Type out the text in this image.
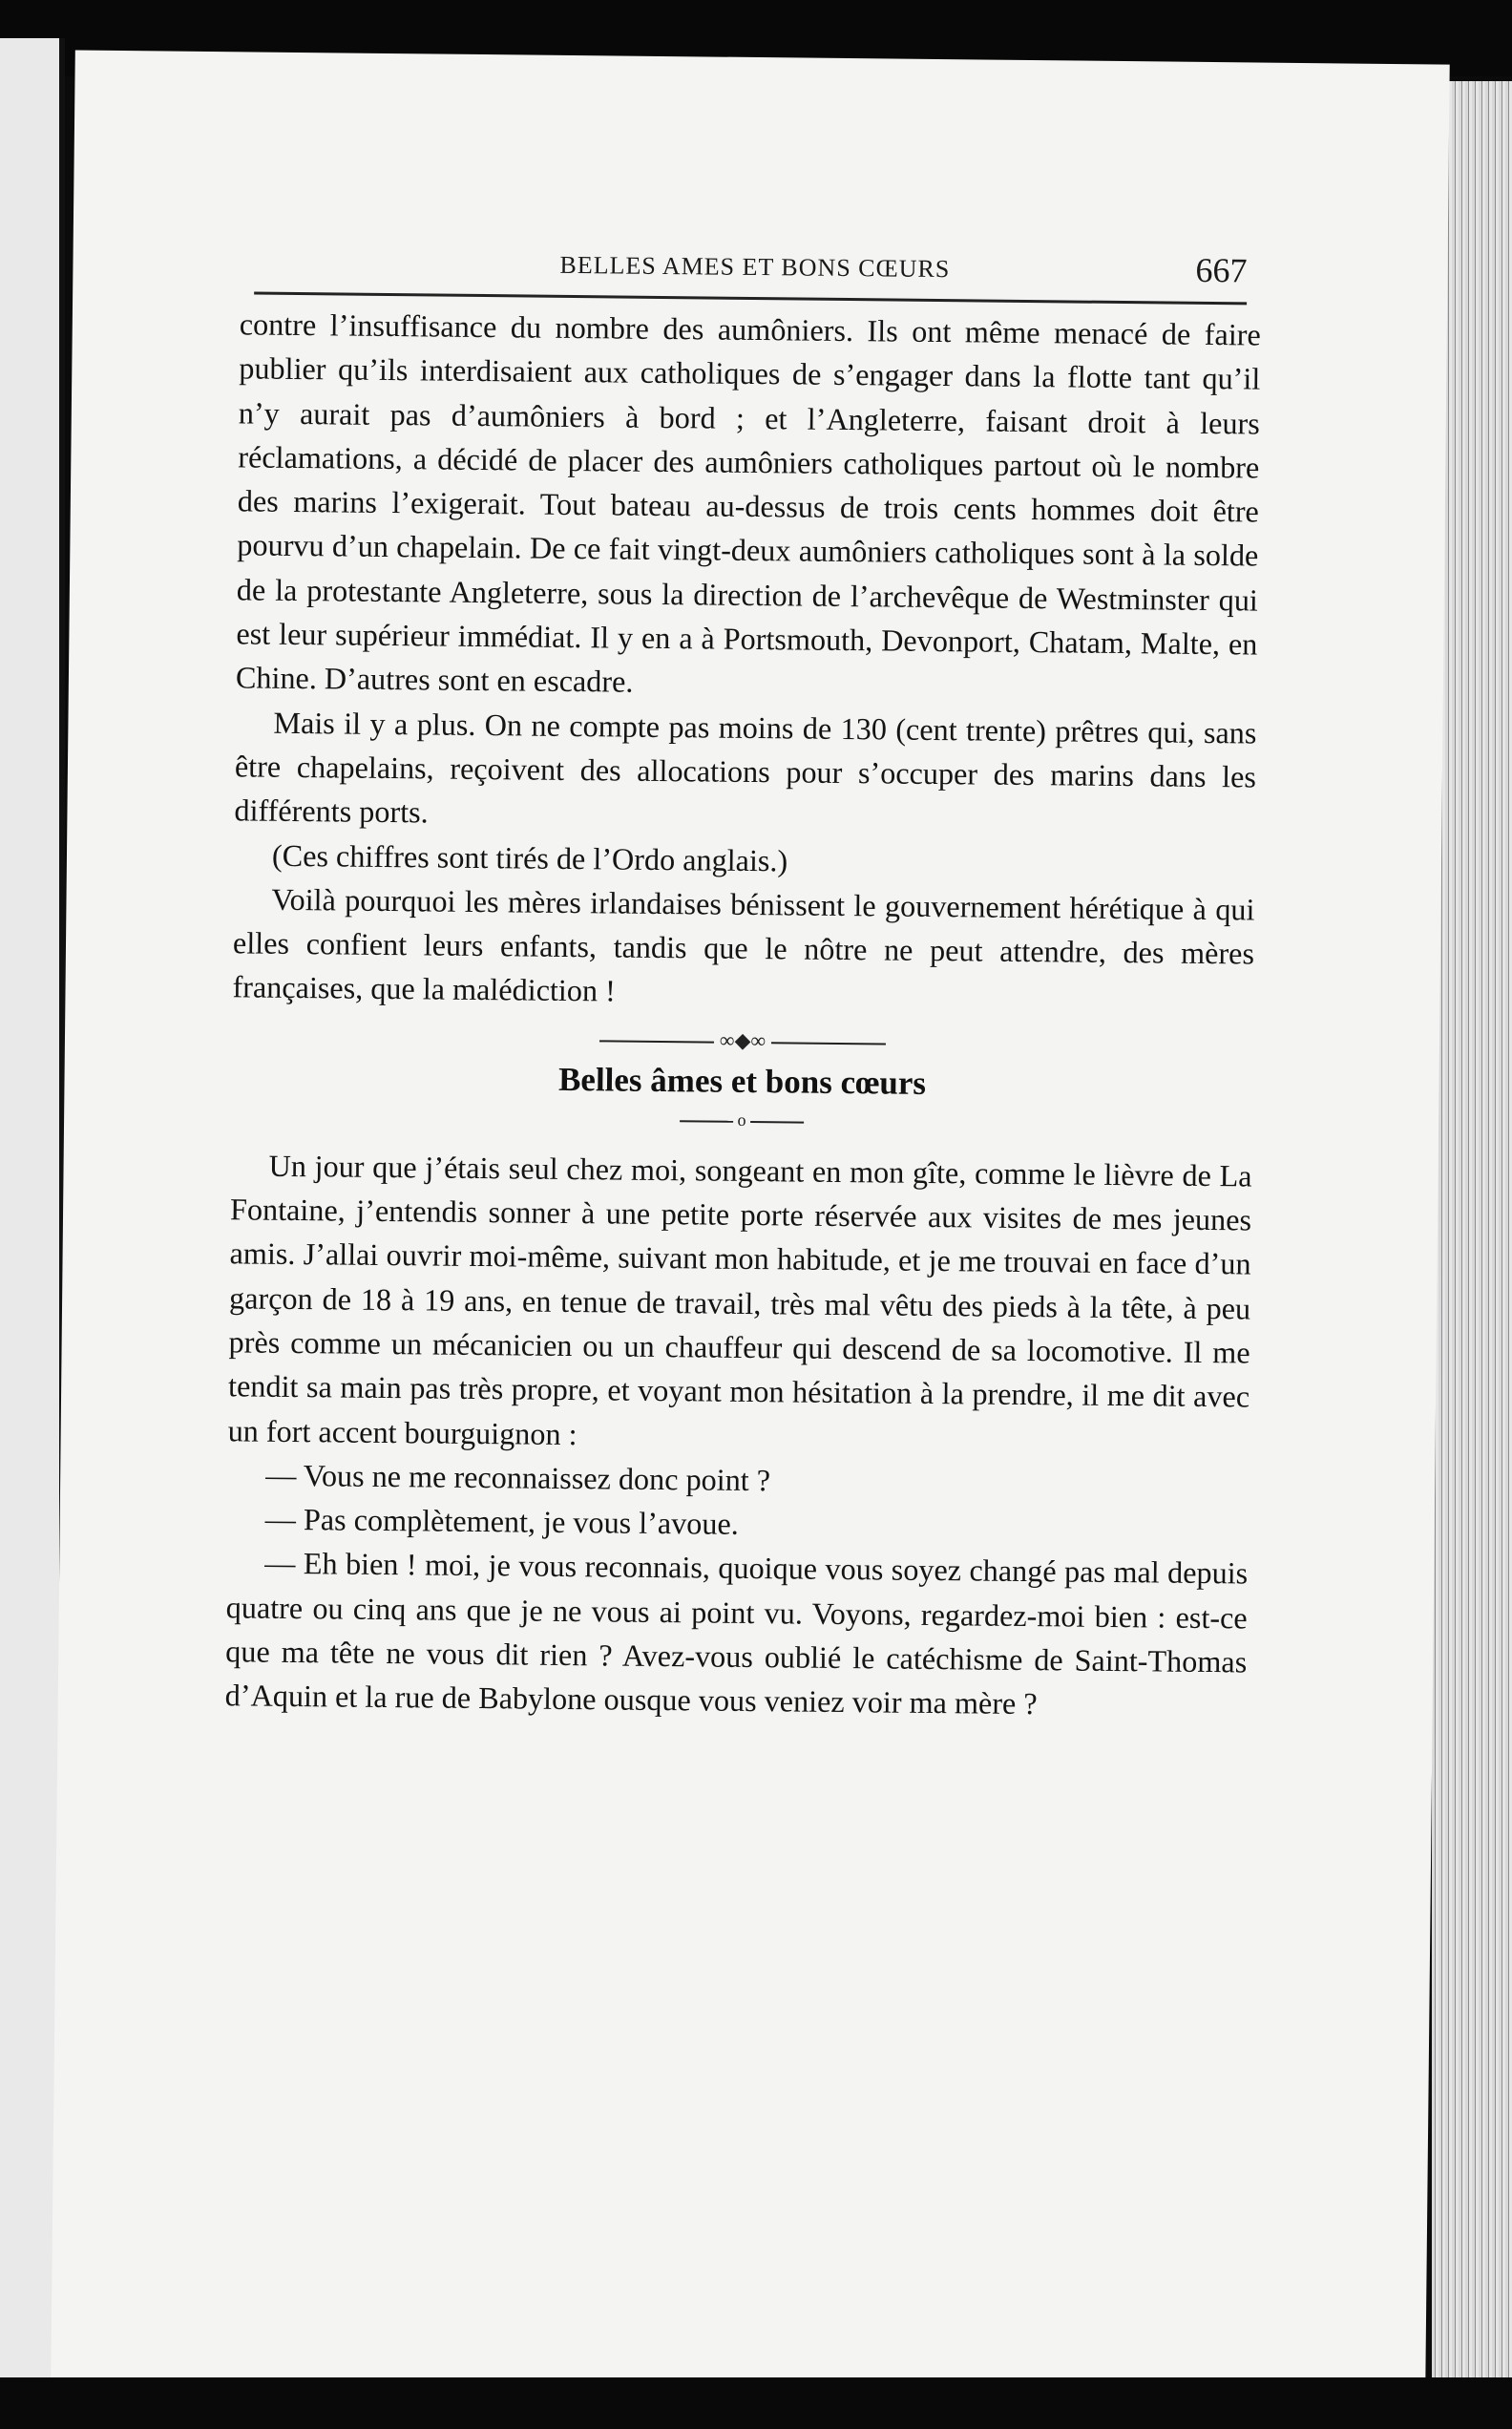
BELLES AMES ET BONS CŒURS	667

contre l’insuffisance du nombre des aumôniers. Ils ont même menacé de faire publier qu’ils interdisaient aux catholiques de s’engager dans la flotte tant qu’il n’y aurait pas d’aumôniers à bord ; et l’Angleterre, faisant droit à leurs réclamations, a décidé de placer des aumôniers catholiques partout où le nombre des marins l’exigerait. Tout bateau au-dessus de trois cents hommes doit être pourvu d’un chapelain. De ce fait vingt-deux aumôniers catholiques sont à la solde de la protestante Angleterre, sous la direction de l’archevêque de Westminster qui est leur supérieur immédiat. Il y en a à Portsmouth, Devonport, Chatam, Malte, en Chine. D’autres sont en escadre.

Mais il y a plus. On ne compte pas moins de 130 (cent trente) prêtres qui, sans être chapelains, reçoivent des allocations pour s’occuper des marins dans les différents ports.

(Ces chiffres sont tirés de l’Ordo anglais.)

Voilà pourquoi les mères irlandaises bénissent le gouvernement hérétique à qui elles confient leurs enfants, tandis que le nôtre ne peut attendre, des mères françaises, que la malédiction !

∞◆∞
Belles âmes et bons cœurs
o

Un jour que j’étais seul chez moi, songeant en mon gîte, comme le lièvre de La Fontaine, j’entendis sonner à une petite porte réservée aux visites de mes jeunes amis. J’allai ouvrir moi-même, suivant mon habitude, et je me trouvai en face d’un garçon de 18 à 19 ans, en tenue de travail, très mal vêtu des pieds à la tête, à peu près comme un mécanicien ou un chauffeur qui descend de sa locomotive. Il me tendit sa main pas très propre, et voyant mon hésitation à la prendre, il me dit avec un fort accent bourguignon :

— Vous ne me reconnaissez donc point ?

— Pas complètement, je vous l’avoue.

— Eh bien ! moi, je vous reconnais, quoique vous soyez changé pas mal depuis quatre ou cinq ans que je ne vous ai point vu. Voyons, regardez-moi bien : est-ce que ma tête ne vous dit rien ? Avez-vous oublié le catéchisme de Saint-Thomas d’Aquin et la rue de Babylone ousque vous veniez voir ma mère ?
